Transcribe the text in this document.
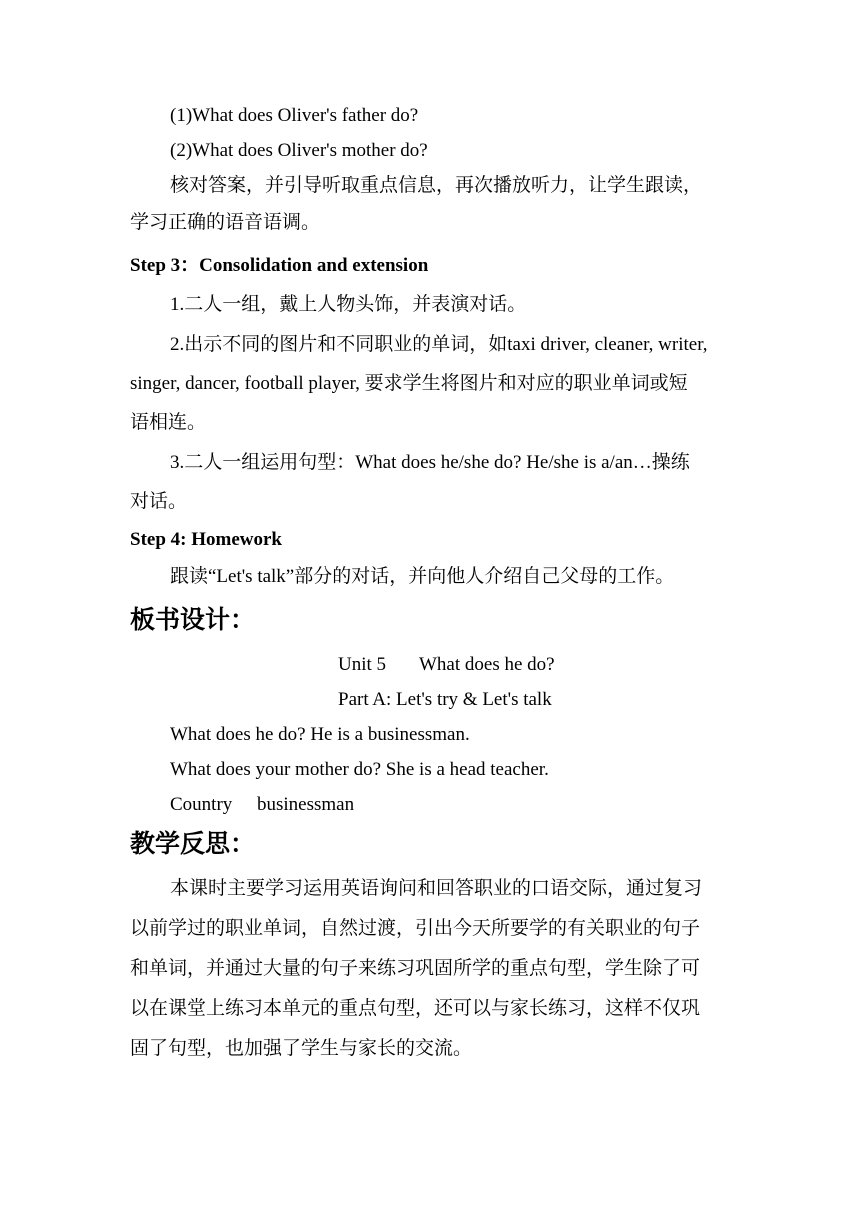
(1)What does Oliver's father do?
(2)What does Oliver's mother do?
核对答案，并引导听取重点信息，再次播放听力，让学生跟读，
学习正确的语音语调。
Step 3：Consolidation and extension
1.二人一组，戴上人物头饰，并表演对话。
2.出示不同的图片和不同职业的单词，如taxi driver, cleaner, writer,
singer, dancer, football player, 要求学生将图片和对应的职业单词或短
语相连。
3.二人一组运用句型：What does he/she do? He/she is a/an…操练
对话。
Step 4: Homework
跟读“Let's talk”部分的对话，并向他人介绍自己父母的工作。
板书设计：
Unit 5 What does he do?
Part A: Let's try & Let's talk
What does he do? He is a businessman.
What does your mother do? She is a head teacher.
Country businessman
教学反思：
本课时主要学习运用英语询问和回答职业的口语交际，通过复习
以前学过的职业单词，自然过渡，引出今天所要学的有关职业的句子
和单词，并通过大量的句子来练习巩固所学的重点句型，学生除了可
以在课堂上练习本单元的重点句型，还可以与家长练习，这样不仅巩
固了句型，也加强了学生与家长的交流。
